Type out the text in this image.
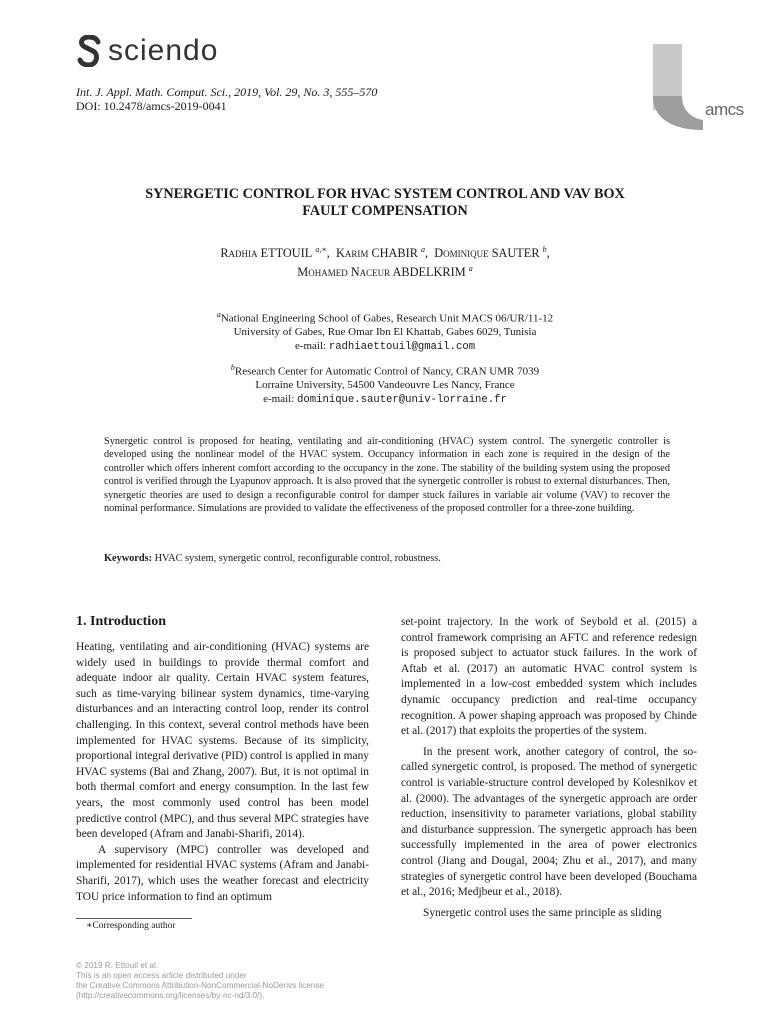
sciendo
Int. J. Appl. Math. Comput. Sci., 2019, Vol. 29, No. 3, 555–570
DOI: 10.2478/amcs-2019-0041	amcs
SYNERGETIC CONTROL FOR HVAC SYSTEM CONTROL AND VAV BOX
FAULT COMPENSATION
Radhia ETTOUIL $^{a,∗}$,  Karim CHABIR $^a$,  Dominique SAUTER $^b$,
Mohamed Naceur ABDELKRIM $^a$
$^a$National Engineering School of Gabes, Research Unit MACS 06/UR/11-12
University of Gabes, Rue Omar Ibn El Khattab, Gabes 6029, Tunisia
e-mail: radhiaettouil@gmail.com
$^b$Research Center for Automatic Control of Nancy, CRAN UMR 7039
Lorraine University, 54500 Vandeouvre Les Nancy, France
e-mail: dominique.sauter@univ-lorraine.fr
Synergetic control is proposed for heating, ventilating and air-conditioning (HVAC) system control. The synergetic controller is developed using the nonlinear model of the HVAC system. Occupancy information in each zone is required in the design of the controller which offers inherent comfort according to the occupancy in the zone. The stability of the building system using the proposed control is verified through the Lyapunov approach. It is also proved that the synergetic controller is robust to external disturbances. Then, synergetic theories are used to design a reconfigurable control for damper stuck failures in variable air volume (VAV) to recover the nominal performance. Simulations are provided to validate the effectiveness of the proposed controller for a three-zone building.
Keywords: HVAC system, synergetic control, reconfigurable control, robustness.
1. Introduction

Heating, ventilating and air-conditioning (HVAC) systems are widely used in buildings to provide thermal comfort and adequate indoor air quality. Certain HVAC system features, such as time-varying bilinear system dynamics, time-varying disturbances and an interacting control loop, render its control challenging. In this context, several control methods have been implemented for HVAC systems. Because of its simplicity, proportional integral derivative (PID) control is applied in many HVAC systems (Bai and Zhang, 2007). But, it is not optimal in both thermal comfort and energy consumption. In the last few years, the most commonly used control has been model predictive control (MPC), and thus several MPC strategies have been developed (Afram and Janabi-Sharifi, 2014).

A supervisory (MPC) controller was developed and implemented for residential HVAC systems (Afram and Janabi-Sharifi, 2017), which uses the weather forecast and electricity TOU price information to find an optimum

set-point trajectory. In the work of Seybold et al. (2015) a control framework comprising an AFTC and reference redesign is proposed subject to actuator stuck failures. In the work of Aftab et al. (2017) an automatic HVAC control system is implemented in a low-cost embedded system which includes dynamic occupancy prediction and real-time occupancy recognition. A power shaping approach was proposed by Chinde et al. (2017) that exploits the properties of the system.

In the present work, another category of control, the so-called synergetic control, is proposed. The method of synergetic control is variable-structure control developed by Kolesnikov et al. (2000). The advantages of the synergetic approach are order reduction, insensitivity to parameter variations, global stability and disturbance suppression. The synergetic approach has been successfully implemented in the area of power electronics control (Jiang and Dougal, 2004; Zhu et al., 2017), and many strategies of synergetic control have been developed (Bouchama et al., 2016; Medjbeur et al., 2018).

Synergetic control uses the same principle as sliding

∗Corresponding author
© 2019 R. Ettouil et al.
This is an open access article distributed under
the Creative Commons Attribution-NonCommercial-NoDerivs license
(http://creativecommons.org/licenses/by-nc-nd/3.0/).
